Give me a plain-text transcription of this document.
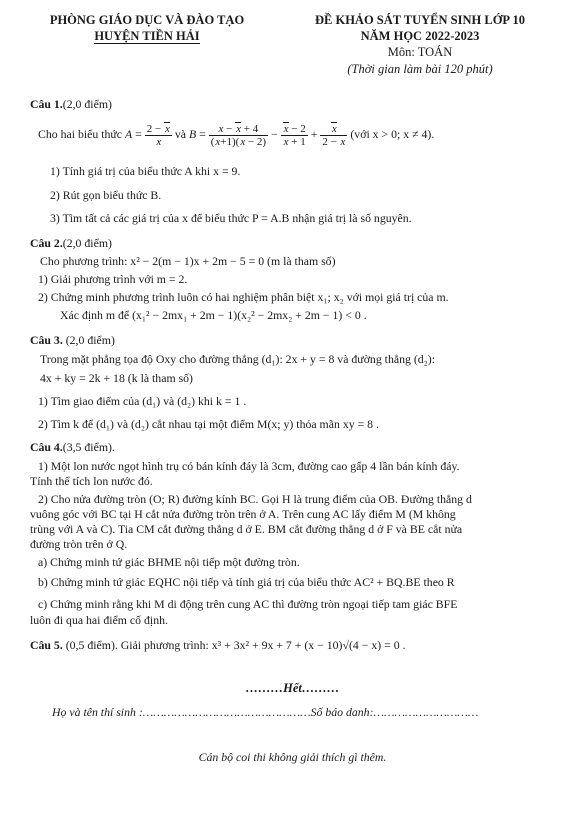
PHÒNG GIÁO DỤC VÀ ĐÀO TẠO
HUYỆN TIỀN HẢI
ĐỀ KHẢO SÁT TUYỂN SINH LỚP 10
NĂM HỌC 2022-2023
Môn: TOÁN
(Thời gian làm bài 120 phút)
Câu 1.(2,0 điểm)
Cho hai biểu thức $A = \frac{2 - x}{x}$ và $B = \frac{x - x + 4}{(x+1)(x - 2)} - \frac{x - 2}{x + 1} + \frac{x}{2 - x}$ (với x > 0; x ≠ 4).
1) Tính giá trị của biểu thức A khi x = 9.
2) Rút gọn biểu thức B.
3) Tìm tất cả các giá trị của x để biểu thức P = A.B nhận giá trị là số nguyên.
Câu 2.(2,0 điểm)
Cho phương trình: x² − 2(m − 1)x + 2m − 5 = 0 (m là tham số)
1) Giải phương trình với m = 2.
2) Chứng minh phương trình luôn có hai nghiệm phân biệt x₁; x₂ với mọi giá trị của m.
Xác định m để (x₁² − 2mx₁ + 2m − 1)(x₂² − 2mx₂ + 2m − 1) < 0 .
Câu 3. (2,0 điểm)
Trong mặt phẳng tọa độ Oxy cho đường thẳng (d₁): 2x + y = 8 và đường thẳng (d₂):
4x + ky = 2k + 18 (k là tham số)
1) Tìm giao điểm của (d₁) và (d₂) khi k = 1 .
2) Tìm k để (d₁) và (d₂) cắt nhau tại một điểm M(x; y) thỏa mãn xy = 8 .
Câu 4.(3,5 điểm).
1) Một lon nước ngọt hình trụ có bán kính đáy là 3cm, đường cao gấp 4 lần bán kính đáy.
Tính thể tích lon nước đó.
2) Cho nửa đường tròn (O; R) đường kính BC. Gọi H là trung điểm của OB. Đường thẳng d
vuông góc với BC tại H cắt nửa đường tròn trên ở A. Trên cung AC lấy điểm M (M không
trùng với A và C). Tia CM cắt đường thẳng d ở E. BM cắt đường thẳng d ở F và BE cắt nửa
đường tròn trên ở Q.
a) Chứng minh tứ giác BHME nội tiếp một đường tròn.
b) Chứng minh tứ giác EQHC nội tiếp và tính giá trị của biểu thức AC² + BQ.BE theo R
c) Chứng minh rằng khi M di động trên cung AC thì đường tròn ngoại tiếp tam giác BFE
luôn đi qua hai điểm cố định.
Câu 5. (0,5 điểm). Giải phương trình: x³ + 3x² + 9x + 7 + (x − 10)√(4 − x) = 0 .
………Hết………
Họ và tên thí sinh :…………………………………………Số báo danh:…………………………
Cán bộ coi thi không giải thích gì thêm.
